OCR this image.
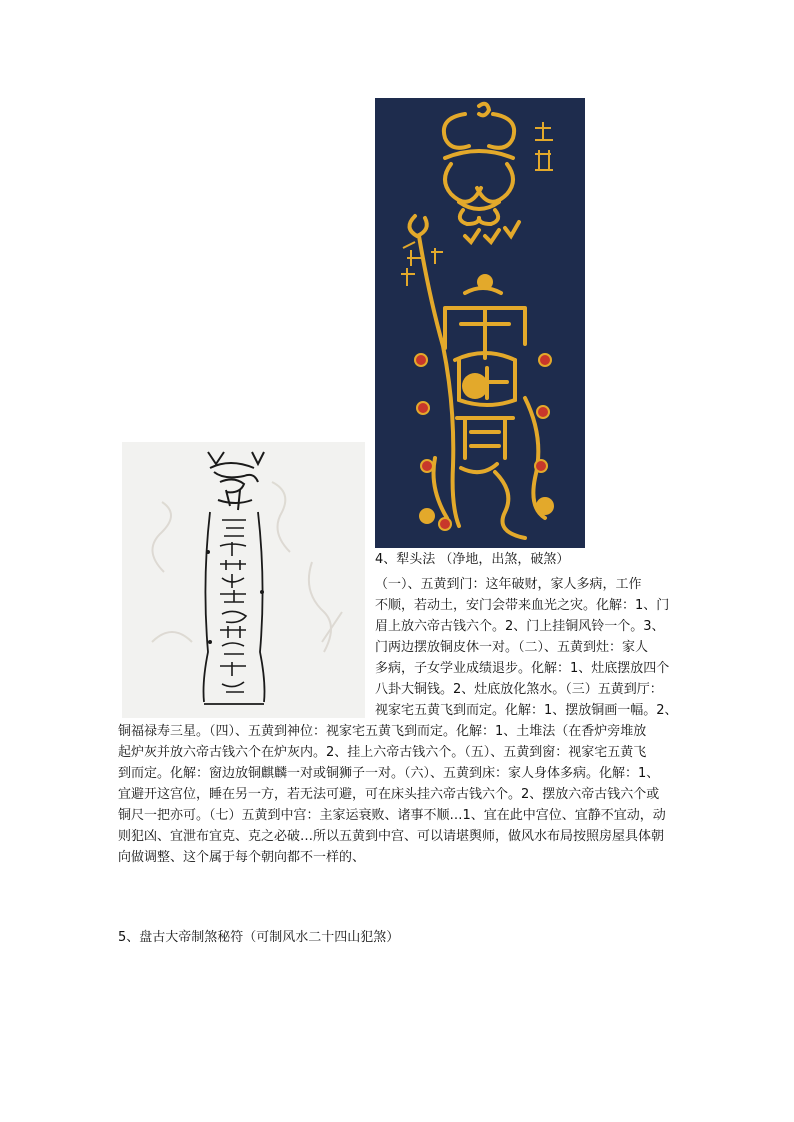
4、犁头法 （净地，出煞，破煞）

（一）、五黄到门：这年破财，家人多病，工作

不顺，若动土，安门会带来血光之灾。化解：1、门

眉上放六帝古钱六个。2、门上挂铜风铃一个。3、

门两边摆放铜皮休一对。（二）、五黄到灶：家人

多病，子女学业成绩退步。化解：1、灶底摆放四个

八卦大铜钱。2、灶底放化煞水。（三）五黄到厅：

视家宅五黄飞到而定。化解：1、摆放铜画一幅。2、

铜福禄寿三星。（四）、五黄到神位：视家宅五黄飞到而定。化解：1、土堆法（在香炉旁堆放

起炉灰并放六帝古钱六个在炉灰内。2、挂上六帝古钱六个。（五）、五黄到窗：视家宅五黄飞

到而定。化解：窗边放铜麒麟一对或铜狮子一对。（六）、五黄到床：家人身体多病。化解：1、

宜避开这宫位，睡在另一方，若无法可避，可在床头挂六帝古钱六个。2、摆放六帝古钱六个或

铜尺一把亦可。（七）五黄到中宫：主家运衰败、诸事不顺…1、宜在此中宫位、宜静不宜动，动

则犯凶、宜泄布宜克、克之必破…所以五黄到中宫、可以请堪舆师，做风水布局按照房屋具体朝

向做调整、这个属于每个朝向都不一样的、

5、盘古大帝制煞秘符（可制风水二十四山犯煞）
